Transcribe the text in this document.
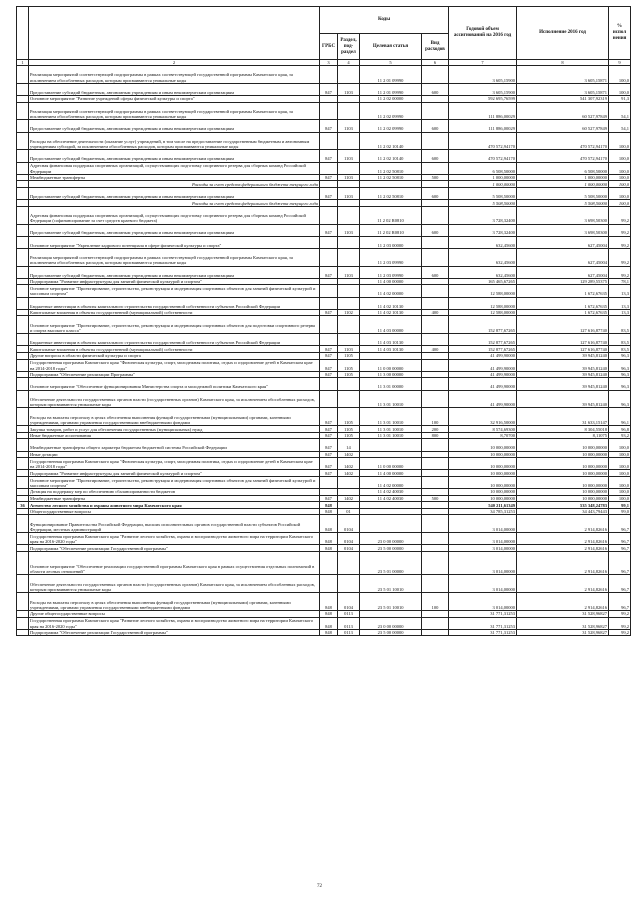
		Коды				Годовой объем ассигнований на 2016 год	Исполнение 2016 год	% испол нения
		ГРБС	Раздел, под-раздел	Целевая статья	Вид расходов			
1	2	3	4	5	6	7	8	9
	Реализация мероприятий соответствующей подпрограммы в рамках соответствующей государственной программы Камчатского края, за исключением обособленных расходов, которым присваиваются уникальные коды			11 2 01 09990		3 605,15900	3 605,15871	100,0
	Предоставление субсидий бюджетным, автономным учреждениям и иным некоммерческим организациям	847	1103	11 2 01 09990	600	3 605,15900	3 605,15871	100,0
	Основное мероприятие "Развитие учреждений сферы физической культуры и спорта"			11 2 02 00000		592 695,76599	541 307,92319	91,3
	Реализация мероприятий соответствующей подпрограммы в рамках соответствующей государственной программы Камчатского края, за исключением обособленных расходов, которым присваиваются уникальные коды			11 2 02 09990		111 886,00029	60 527,97849	54,1
	Предоставление субсидий бюджетным, автономным учреждениям и иным некоммерческим организациям	847	1103	11 2 02 09990	600	111 886,00029	60 527,97849	54,1
	Расходы на обеспечение деятельности (оказание услуг) учреждений, в том числе на предоставление государственным бюджетным и автономным учреждениям субсидий, за исключением обособленных расходов, которым присваиваются уникальные коды			11 2 02 10140		470 572,94170	470 572,94170	100,0
	Предоставление субсидий бюджетным, автономным учреждениям и иным некоммерческим организациям	847	1103	11 2 02 10140	600	470 572,94170	470 572,94170	100,0
	Адресная финансовая поддержка спортивных организаций, осуществляющих подготовку спортивного резерва для сборных команд Российской Федерации			11 2 02 50810		6 508,50000	6 508,50000	100,0
	Межбюджетные трансферты	847	1103	11 2 02 50810	500	1 000,00000	1 000,00000	100,0
	Расходы за счет средств федерального бюджета текущего года					1 000,00000	1 000,00000	100,0
	Предоставление субсидий бюджетным, автономным учреждениям и иным некоммерческим организациям	847	1103	11 2 02 50810	600	5 508,50000	5 508,50000	100,0
	Расходы за счет средств федерального бюджета текущего года					5 508,50000	5 508,50000	100,0
	Адресная финансовая поддержка спортивных организаций, осуществляющих подготовку спортивного резерва для сборных команд Российской Федерации (софинансирование за счет средств краевого бюджета)			11 2 02 R0810		3 728,32400	3 698,50300	99,2
	Предоставление субсидий бюджетным, автономным учреждениям и иным некоммерческим организациям	847	1103	11 2 02 R0810	600	3 728,32400	3 698,50300	99,2
	Основное мероприятие "Укрепление кадрового потенциала в сфере физической культуры и спорта"			11 2 03 00000		632,45600	627,45004	99,2
	Реализация мероприятий соответствующей подпрограммы в рамках соответствующей государственной программы Камчатского края, за исключением обособленных расходов, которым присваиваются уникальные коды			11 2 03 09990		632,45600	627,45004	99,2
	Предоставление субсидий бюджетным, автономным учреждениям и иным некоммерческим организациям	847	1103	11 2 03 09990	600	632,45600	627,45004	99,2
	Подпрограмма "Развитие инфраструктуры для занятий физической культурой и спортом"			11 4 00 00000		165 465,67265	129 289,55375	78,1
	Основное мероприятие "Проектирование, строительство, реконструкция и модернизация спортивных объектов для занятий физической культурой и массовым спортом"			11 4 02 00000		12 588,00000	1 672,67635	13,3
	Бюджетные инвестиции в объекты капитального строительства государственной собственности субъектов Российской Федерации			11 4 02 10130		12 588,00000	1 672,67635	13,3
	Капитальные вложения в объекты государственной (муниципальной) собственности	847	1102	11 4 02 10130	400	12 588,00000	1 672,67635	13,3
	Основное мероприятие "Проектирование, строительство, реконструкция и модернизация спортивных объектов для подготовки спортивного резерва и спорта высокого класса"			11 4 03 00000		152 877,67265	127 616,87740	83,5
	Бюджетные инвестиции в объекты капитального строительства государственной собственности субъектов Российской Федерации			11 4 03 10130		152 877,67265	127 616,87740	83,5
	Капитальные вложения в объекты государственной (муниципальной) собственности	847	1103	11 4 03 10130	400	152 877,67265	127 616,87740	83,5
	Другие вопросы в области физической культуры и спорта	847	1105			41 499,90000	39 945,81240	96,3
	Государственная программа Камчатского края "Физическая культура, спорт, молодежная политика, отдых и оздоровление детей в Камчатском крае на 2014-2018 годы"	847	1105	11 0 00 00000		41 499,90000	39 945,81240	96,3
	Подпрограмма "Обеспечение реализации Программы"	847	1105	11 3 00 00000		41 499,90000	39 945,81240	96,3
	Основное мероприятие "Обеспечение функционирования Министерства спорта и молодежной политики Камчатского края"			11 3 01 00000		41 499,90000	39 945,81240	96,3
	Обеспечение деятельности государственных органов власти (государственных органов) Камчатского края, за исключением обособленных расходов, которым присваиваются уникальные коды			11 3 01 10010		41 499,90000	39 945,81240	96,3
	Расходы на выплаты персоналу в целях обеспечения выполнения функций государственными (муниципальными) органами, казенными учреждениями, органами управления государственными внебюджетными фондами	847	1105	11 3 01 10010	100	32 916,50000	31 633,15147	96,1
	Закупка товаров, работ и услуг для обеспечения государственных (муниципальных) нужд	847	1105	11 3 01 10010	200	8 574,69300	8 304,55018	96,8
	Иные бюджетные ассигнования	847	1105	11 3 01 10010	800	8,70700	8,11075	93,2
	Межбюджетные трансферты общего характера бюджетам бюджетной системы Российской Федерации	847	14			10 000,00000	10 000,00000	100,0
	Иные дотации	847	1402			10 000,00000	10 000,00000	100,0
	Государственная программа Камчатского края "Физическая культура, спорт, молодежная политика, отдых и оздоровление детей в Камчатском крае на 2014-2018 годы"	847	1402	11 0 00 00000		10 000,00000	10 000,00000	100,0
	Подпрограмма "Развитие инфраструктуры для занятий физической культурой и спортом"	847	1402	11 4 00 00000		10 000,00000	10 000,00000	100,0
	Основное мероприятие "Проектирование, строительство, реконструкция и модернизация спортивных объектов для занятий физической культурой и массовым спортом"			11 4 02 00000		10 000,00000	10 000,00000	100,0
	Дотация на поддержку мер по обеспечению сбалансированности бюджетов			11 4 02 40030		10 000,00000	10 000,00000	100,0
	Межбюджетные трансферты	847	1402	11 4 02 40030	500	10 000,00000	10 000,00000	100,0
36	Агентство лесного хозяйства и охраны животного мира Камчатского края	848				540 211,61349	535 348,24783	99,1
	Общегосударственные вопросы	848	01			34 785,31253	34 443,79443	99,0
	Функционирование Правительства Российской Федерации, высших исполнительных органов государственной власти субъектов Российской Федерации, местных администраций	848	0104			3 014,00000	2 914,82616	96,7
	Государственная программа Камчатского края "Развитие лесного хозяйства, охрана и воспроизводство животного мира на территории Камчатского края на 2016-2020 годы"	848	0104	23 0 00 00000		3 014,00000	2 914,82616	96,7
	Подпрограмма "Обеспечение реализации Государственной программы"	848	0104	23 5 00 00000		3 014,00000	2 914,82616	96,7
	Основное мероприятие "Обеспечение реализации государственной программы Камчатского края в рамках осуществления отдельных полномочий в области лесных отношений"			23 5 01 00000		3 014,00000	2 914,82616	96,7
	Обеспечение деятельности государственных органов власти (государственных органов) Камчатского края, за исключением обособленных расходов, которым присваиваются уникальные коды			23 5 01 10010		3 014,00000	2 914,82616	96,7
	Расходы на выплаты персоналу в целях обеспечения выполнения функций государственными (муниципальными) органами, казенными учреждениями, органами управления государственными внебюджетными фондами	848	0104	23 5 01 10010	100	3 014,00000	2 914,82616	96,7
	Другие общегосударственные вопросы	848	0113			31 771,31253	31 528,96827	99,2
	Государственная программа Камчатского края "Развитие лесного хозяйства, охрана и воспроизводство животного мира на территории Камчатского края на 2016-2020 годы"	848	0113	23 0 00 00000		31 771,31253	31 528,96827	99,2
	Подпрограмма "Обеспечение реализации Государственной программы"	848	0113	23 5 00 00000		31 771,31253	31 528,96827	99,2
72
